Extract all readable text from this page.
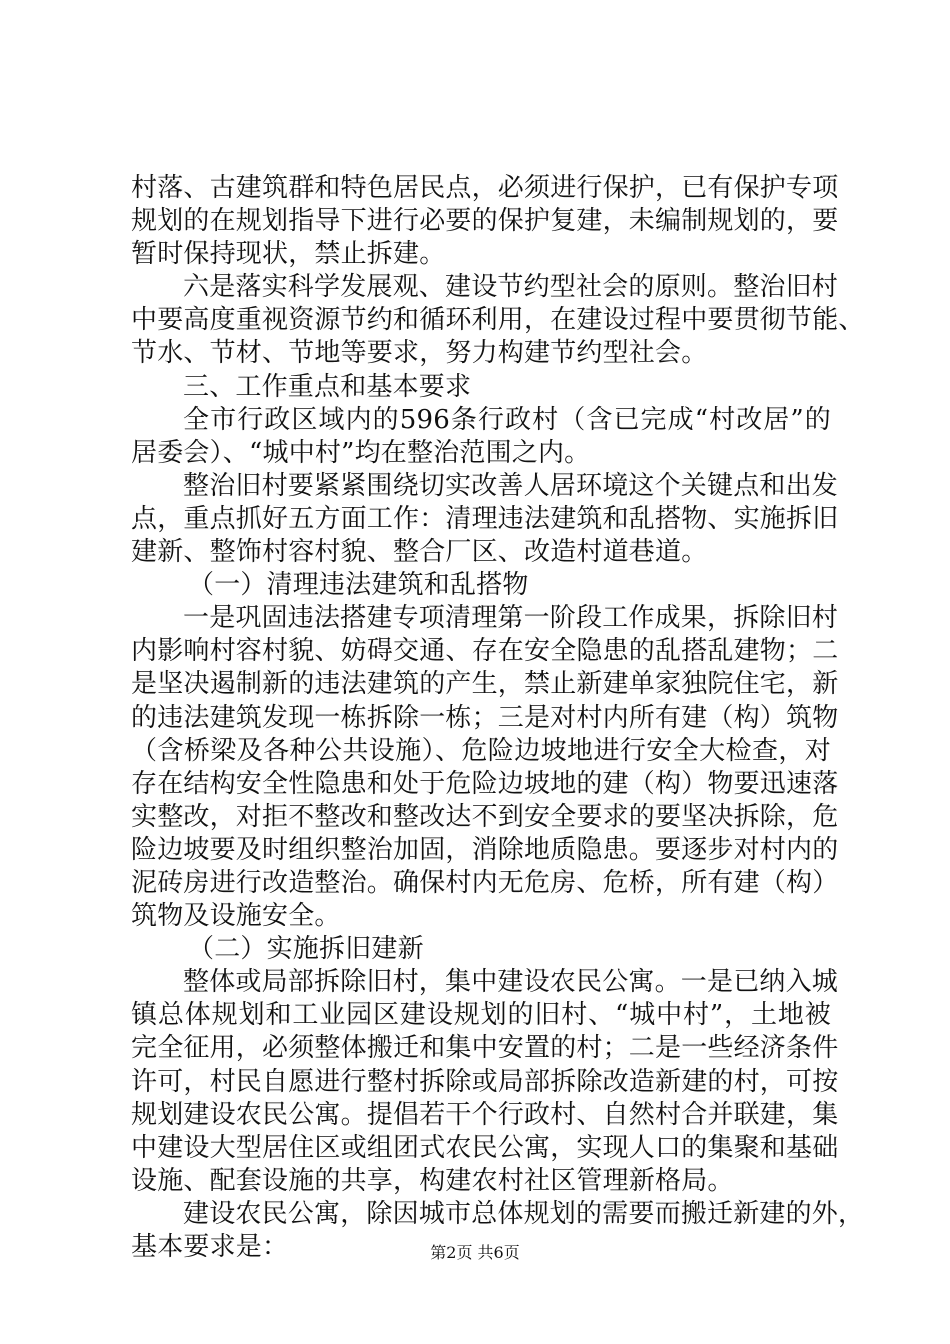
村落、古建筑群和特色居民点，必须进行保护，已有保护专项
规划的在规划指导下进行必要的保护复建，未编制规划的，要
暂时保持现状，禁止拆建。
六是落实科学发展观、建设节约型社会的原则。整治旧村
中要高度重视资源节约和循环利用，在建设过程中要贯彻节能、
节水、节材、节地等要求，努力构建节约型社会。
三、工作重点和基本要求
全市行政区域内的596条行政村（含已完成“村改居”的
居委会）、“城中村”均在整治范围之内。
整治旧村要紧紧围绕切实改善人居环境这个关键点和出发
点，重点抓好五方面工作：清理违法建筑和乱搭物、实施拆旧
建新、整饰村容村貌、整合厂区、改造村道巷道。
（一）清理违法建筑和乱搭物
一是巩固违法搭建专项清理第一阶段工作成果，拆除旧村
内影响村容村貌、妨碍交通、存在安全隐患的乱搭乱建物；二
是坚决遏制新的违法建筑的产生，禁止新建单家独院住宅，新
的违法建筑发现一栋拆除一栋；三是对村内所有建（构）筑物
（含桥梁及各种公共设施）、危险边坡地进行安全大检查，对
存在结构安全性隐患和处于危险边坡地的建（构）物要迅速落
实整改，对拒不整改和整改达不到安全要求的要坚决拆除，危
险边坡要及时组织整治加固，消除地质隐患。要逐步对村内的
泥砖房进行改造整治。确保村内无危房、危桥，所有建（构）
筑物及设施安全。
（二）实施拆旧建新
整体或局部拆除旧村，集中建设农民公寓。一是已纳入城
镇总体规划和工业园区建设规划的旧村、“城中村”，土地被
完全征用，必须整体搬迁和集中安置的村；二是一些经济条件
许可，村民自愿进行整村拆除或局部拆除改造新建的村，可按
规划建设农民公寓。提倡若干个行政村、自然村合并联建，集
中建设大型居住区或组团式农民公寓，实现人口的集聚和基础
设施、配套设施的共享，构建农村社区管理新格局。
建设农民公寓，除因城市总体规划的需要而搬迁新建的外，
基本要求是：	第2页 共6页
